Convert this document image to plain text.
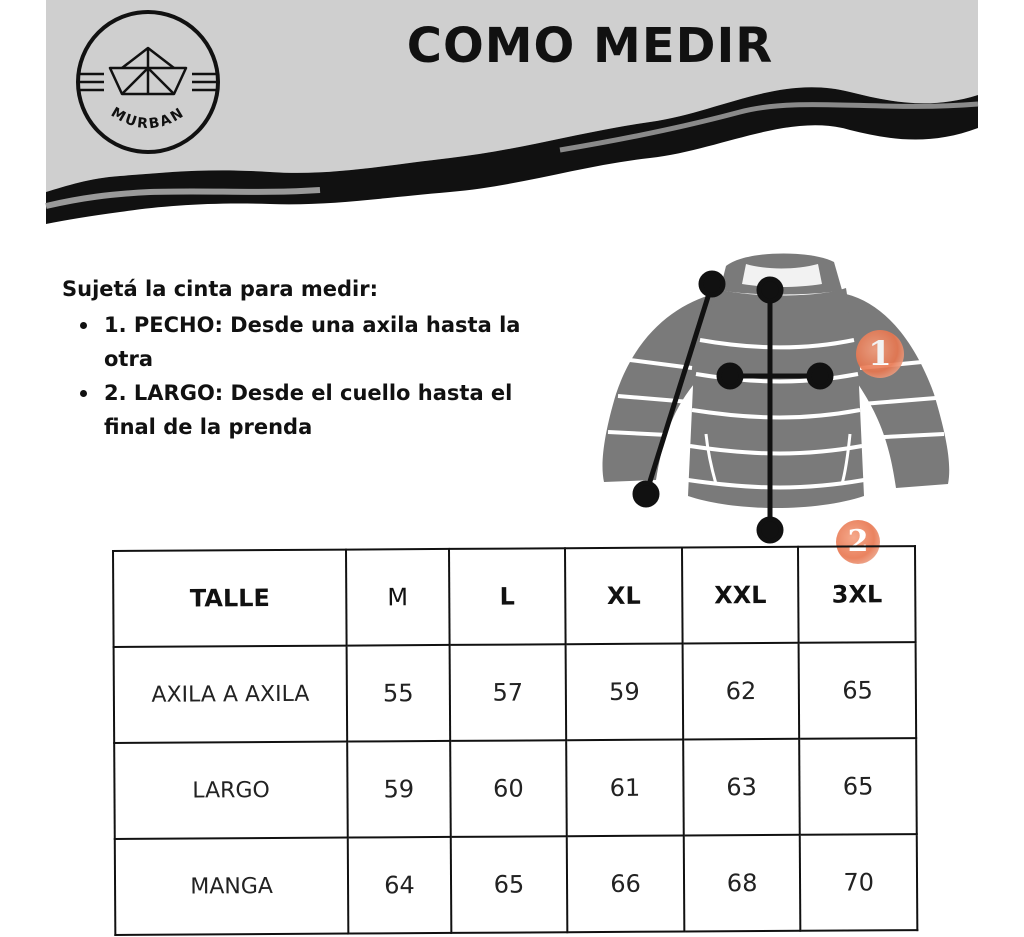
MURBAN
COMO MEDIR
Sujetá la cinta para medir:
1. PECHO: Desde una axila hasta la otra
2. LARGO: Desde el cuello hasta el final de la prenda
1
2
TALLE	M	L	XL	XXL	3XL
AXILA A AXILA	55	57	59	62	65
LARGO	59	60	61	63	65
MANGA	64	65	66	68	70
